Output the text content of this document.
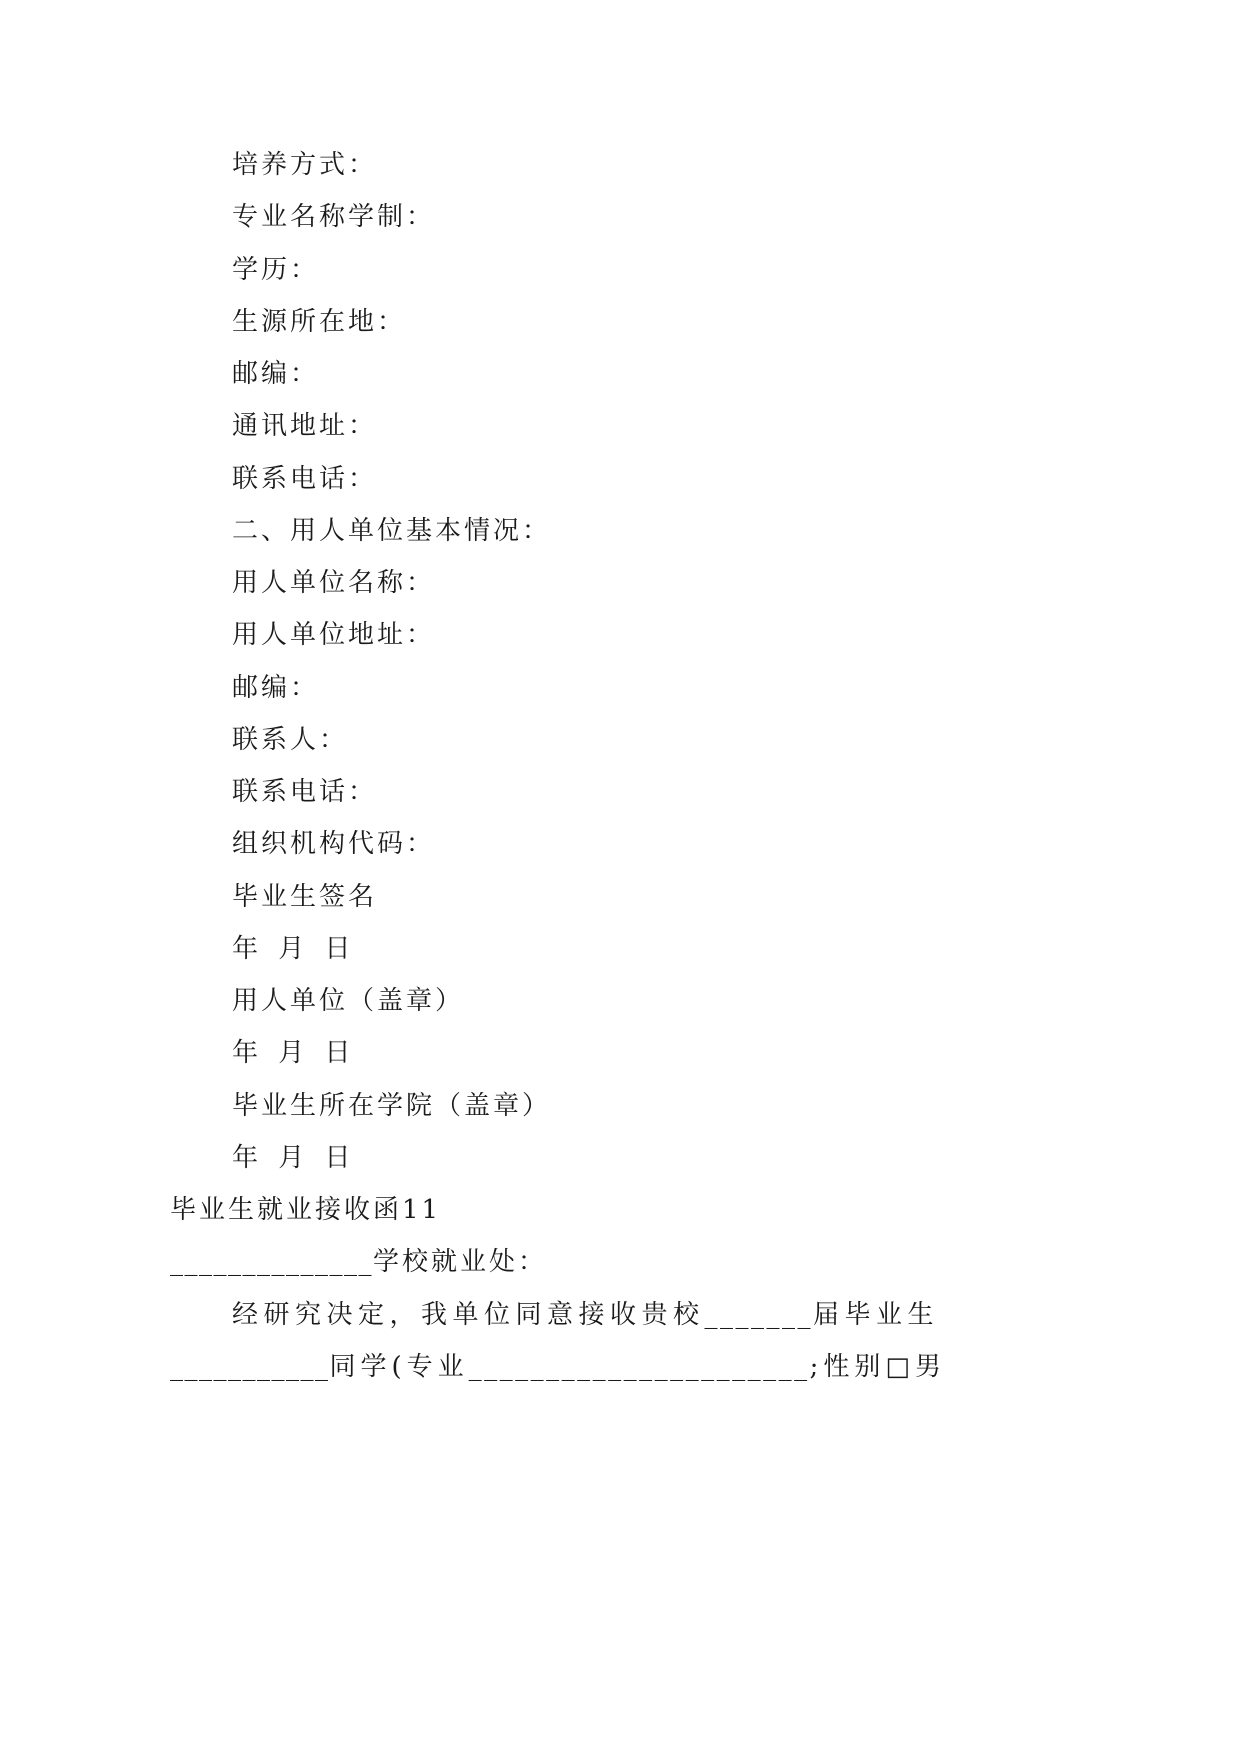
培养方式：
专业名称学制：
学历：
生源所在地：
邮编：
通讯地址：
联系电话：
二、用人单位基本情况：
用人单位名称：
用人单位地址：
邮编：
联系人：
联系电话：
组织机构代码：
毕业生签名
年 月 日
用人单位（盖章）
年 月 日
毕业生所在学院（盖章）
年 月 日
毕业生就业接收函11
______________学校就业处：
经研究决定，我单位同意接收贵校_______届毕业生
___________同学(专业______________________;性别□男
